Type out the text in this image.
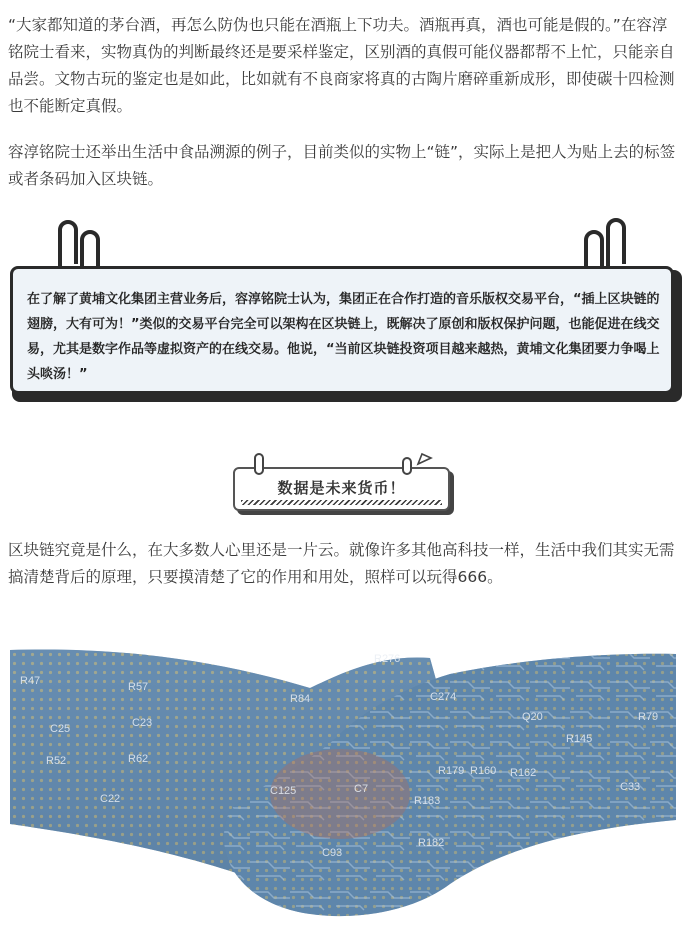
“大家都知道的茅台酒，再怎么防伪也只能在酒瓶上下功夫。酒瓶再真，酒也可能是假的。”在容淳铭院士看来，实物真伪的判断最终还是要采样鉴定，区别酒的真假可能仪器都帮不上忙，只能亲自品尝。文物古玩的鉴定也是如此，比如就有不良商家将真的古陶片磨碎重新成形，即使碳十四检测也不能断定真假。

容淳铭院士还举出生活中食品溯源的例子，目前类似的实物上“链”，实际上是把人为贴上去的标签或者条码加入区块链。

在了解了黄埔文化集团主营业务后，容淳铭院士认为，集团正在合作打造的音乐版权交易平台，“插上区块链的翅膀，大有可为！”类似的交易平台完全可以架构在区块链上，既解决了原创和版权保护问题，也能促进在线交易，尤其是数字作品等虚拟资产的在线交易。他说，“当前区块链投资项目越来越热，黄埔文化集团要力争喝上头啖汤！”

数据是未来货币！

区块链究竟是什么，在大多数人心里还是一片云。就像许多其他高科技一样，生活中我们其实无需搞清楚背后的原理，只要摸清楚了它的作用和用处，照样可以玩得666。

R47
C25
R57
C23
R52	R62
C22
R276
R84
C125	C7
R179
R183
R182
R160 R162
C93
Q20
R145
R79
C33
C274
